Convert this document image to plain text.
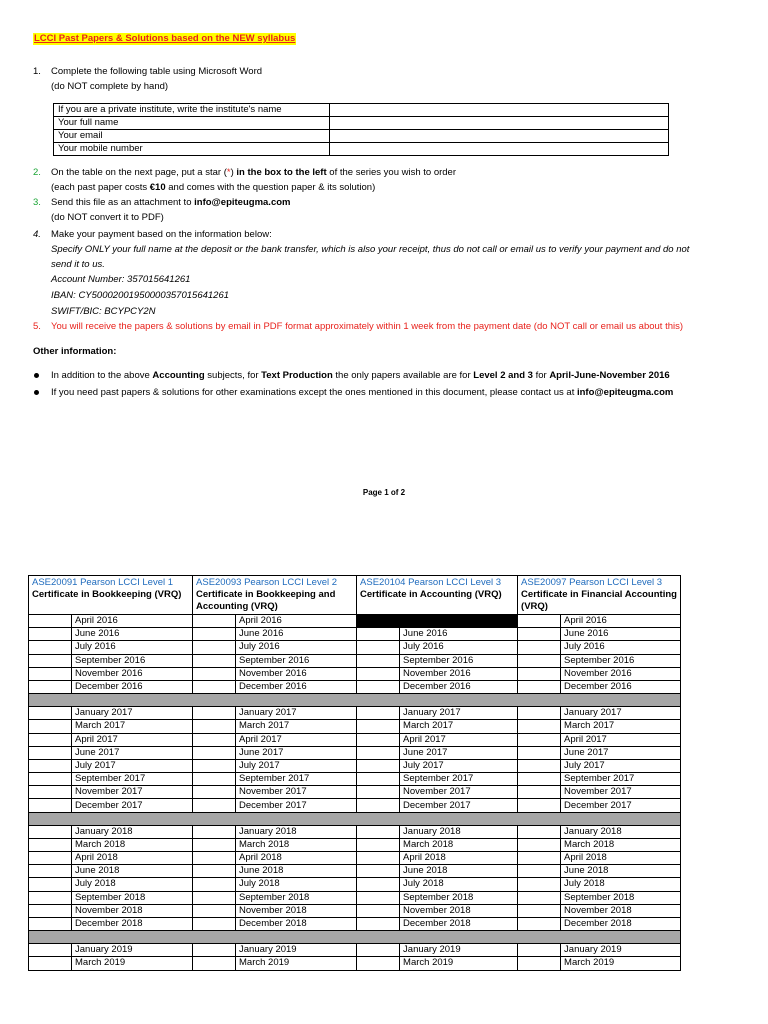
LCCI Past Papers & Solutions based on the NEW syllabus
1. Complete the following table using Microsoft Word
(do NOT complete by hand)
If you are a private institute, write the institute's name	
Your full name	
Your email	
Your mobile number	
2. On the table on the next page, put a star (*) in the box to the left of the series you wish to order
(each past paper costs €10 and comes with the question paper & its solution)
3. Send this file as an attachment to info@epiteugma.com
(do NOT convert it to PDF)
4. Make your payment based on the information below:
Specify ONLY your full name at the deposit or the bank transfer, which is also your receipt, thus do not call or email us to verify your payment and do not
send it to us.
Account Number: 357015641261
IBAN: CY50002001950000357015641261
SWIFT/BIC: BCYPCY2N
5. You will receive the papers & solutions by email in PDF format approximately within 1 week from the payment date (do NOT call or email us about this)
Other information:
In addition to the above Accounting subjects, for Text Production the only papers available are for Level 2 and 3 for April-June-November 2016
If you need past papers & solutions for other examinations except the ones mentioned in this document, please contact us at info@epiteugma.com
Page 1 of 2
ASE20091 Pearson LCCI Level 1
Certificate in Bookkeeping (VRQ)		ASE20093 Pearson LCCI Level 2
Certificate in Bookkeeping and Accounting (VRQ)		ASE20104 Pearson LCCI Level 3
Certificate in Accounting (VRQ)		ASE20097 Pearson LCCI Level 3
Certificate in Financial Accounting (VRQ)	
	April 2016		April 2016				April 2016
	June 2016		June 2016		June 2016		June 2016
	July 2016		July 2016		July 2016		July 2016
	September 2016		September 2016		September 2016		September 2016
	November 2016		November 2016		November 2016		November 2016
	December 2016		December 2016		December 2016		December 2016

	January 2017		January 2017		January 2017		January 2017
	March 2017		March 2017		March 2017		March 2017
	April 2017		April 2017		April 2017		April 2017
	June 2017		June 2017		June 2017		June 2017
	July 2017		July 2017		July 2017		July 2017
	September 2017		September 2017		September 2017		September 2017
	November 2017		November 2017		November 2017		November 2017
	December 2017		December 2017		December 2017		December 2017

	January 2018		January 2018		January 2018		January 2018
	March 2018		March 2018		March 2018		March 2018
	April 2018		April 2018		April 2018		April 2018
	June 2018		June 2018		June 2018		June 2018
	July 2018		July 2018		July 2018		July 2018
	September 2018		September 2018		September 2018		September 2018
	November 2018		November 2018		November 2018		November 2018
	December 2018		December 2018		December 2018		December 2018

	January 2019		January 2019		January 2019		January 2019
	March 2019		March 2019		March 2019		March 2019
